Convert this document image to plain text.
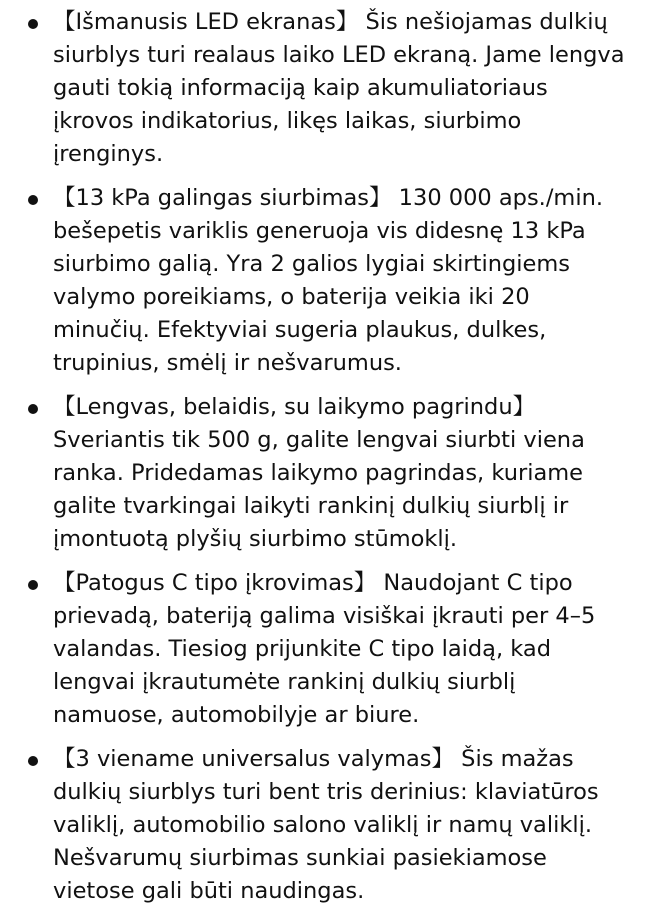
【Išmanusis LED ekranas】 Šis nešiojamas dulkių siurblys turi realaus laiko LED ekraną. Jame lengva gauti tokią informaciją kaip akumuliatoriaus įkrovos indikatorius, likęs laikas, siurbimo įrenginys.
【13 kPa galingas siurbimas】 130 000 aps./min. bešepetis variklis generuoja vis didesnę 13 kPa siurbimo galią. Yra 2 galios lygiai skirtingiems valymo poreikiams, o baterija veikia iki 20 minučių. Efektyviai sugeria plaukus, dulkes, trupinius, smėlį ir nešvarumus.
【Lengvas, belaidis, su laikymo pagrindu】 Sveriantis tik 500 g, galite lengvai siurbti viena ranka. Pridedamas laikymo pagrindas, kuriame galite tvarkingai laikyti rankinį dulkių siurblį ir įmontuotą plyšių siurbimo stūmoklį.
【Patogus C tipo įkrovimas】 Naudojant C tipo prievadą, bateriją galima visiškai įkrauti per 4–5 valandas. Tiesiog prijunkite C tipo laidą, kad lengvai įkrautumėte rankinį dulkių siurblį namuose, automobilyje ar biure.
【3 viename universalus valymas】 Šis mažas dulkių siurblys turi bent tris derinius: klaviatūros valiklį, automobilio salono valiklį ir namų valiklį. Nešvarumų siurbimas sunkiai pasiekiamose vietose gali būti naudingas.
